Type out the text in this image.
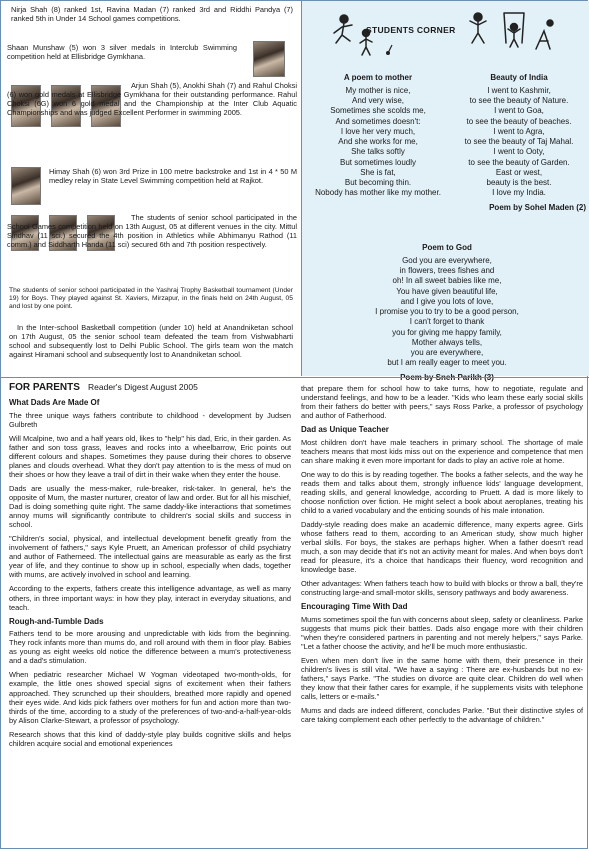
Nirja Shah (8) ranked 1st, Ravina Madan (7) ranked 3rd and Riddhi Pandya (7) ranked 5th in Under 14 School games competitions.

Shaan Munshaw (5) won 3 silver medals in Interclub Swimming competition held at Ellisbridge Gymkhana.

Arjun Shah (5), Anokhi Shah (7) and Rahul Choksi (6) won gold medals at Ellisbridge Gymkhana for their outstanding performance. Rahul Choksi (6G) won 6 gold medal and the Championship at the Inter Club Aquatic Championships and was judged Excellent Performer in swimming 2005.

Himay Shah (6) won 3rd Prize in 100 metre backstroke and 1st in 4 * 50 M medley relay in State Level Swimming competition held at Rajkot.

The students of senior school participated in the School Games competition held on 13th August, 05 at different venues in the city. Mittul Sindhav (11 sci.) secured the 4th position in Athletics while Abhimanyu Rathod (11 comm.) and Siddharth Handa (11 sci) secured 6th and 7th position respectively.

The students of senior school participated in the Yashraj Trophy Basketball tournament (Under 19) for Boys. They played against St. Xaviers, Mirzapur, in the finals held on 24th August, 05 and lost by one point.

In the Inter-school Basketball competition (under 10) held at Anandniketan school on 17th August, 05 the senior school team defeated the team from Vishwabharti school and subsequently lost to Delhi Public School. The girls team won the match against Hiramani school and subsequently lost to Anandniketan school.

STUDENTS CORNER
A poem to mother
My mother is nice,
And very wise,
Sometimes she scolds me,
And sometimes doesn't:
I love her very much,
And she works for me,
She talks softly
But sometimes loudly
She is fat,
But becoming thin.
Nobody has mother like my mother.
Beauty of India
I went to Kashmir,
to see the beauty of Nature.
I went to Goa,
to see the beauty of beaches.
I went to Agra,
to see the beauty of Taj Mahal.
I went to Ooty,
to see the beauty of Garden.
East or west,
beauty is the best.
I love my India.
Poem by Sohel Maden (2)
Poem to God
God you are everywhere,
in flowers, trees fishes and
oh! In all sweet babies like me,
You have given beautiful life,
and I give you lots of love,
I promise you to try to be a good person,
I can't forget to thank
you for giving me happy family,
Mother always tells,
you are everywhere,
but I am really eager to meet you.
Poem by Sneh Parikh (3)
FOR PARENTS Reader's Digest August 2005
What Dads Are Made Of

The three unique ways fathers contribute to childhood - development by Judsen Gulbreth

Will Mcalpine, two and a half years old, likes to "help" his dad, Eric, in their garden. As father and son toss grass, leaves and rocks into a wheelbarrow, Eric points out different colours and shapes. Sometimes they pause during their chores to observe planes and clouds overhead. What they don't pay attention to is the mess of mud on their shoes or how they leave a trail of dirt in their wake when they enter the house.

Dads are usually the mess-maker, rule-breaker, risk-taker. In general, he's the opposite of Mum, the master nurturer, creator of law and order. But for all his mischief, Dad is doing something quite right. The same daddy-like interactions that sometimes annoy mums will significantly contribute to children's social skills and success in school.

"Children's social, physical, and intellectual development benefit greatly from the involvement of fathers," says Kyle Pruett, an American professor of child psychiatry and author of Fatherneed. The intellectual gains are measurable as early as the first year of life, and they continue to show up in school, especially when dads, together with mums, are actively involved in school and learning.

According to the experts, fathers create this intelligence advantage, as well as many others, in three important ways: in how they play, interact in everyday situations, and teach.

Rough-and-Tumble Dads

Fathers tend to be more arousing and unpredictable with kids from the beginning. They rock infants more than mums do, and roll around with them in floor play. Babies as young as eight weeks old notice the difference between a mum's protectiveness and a dad's stimulation.

When pediatric researcher Michael W Yogman videotaped two-month-olds, for example, the little ones showed special signs of excitement when their fathers approached. They scrunched up their shoulders, breathed more rapidly and opened their eyes wide. And kids pick fathers over mothers for fun and action more than two-thirds of the time, according to a study of the preferences of two-and-a-half-year-olds by Alison Clarke-Stewart, a professor of psychology.

Research shows that this kind of daddy-style play builds cognitive skills and helps children acquire social and emotional experiences

that prepare them for school how to take turns, how to negotiate, regulate and understand feelings, and how to be a leader. "Kids who learn these early social skills from their fathers do better with peers," says Ross Parke, a professor of psychology and author of Fatherhood.

Dad as Unique Teacher

Most children don't have male teachers in primary school. The shortage of male teachers means that most kids miss out on the experience and competence that men can share making it even more important for dads to play an active role at home.

One way to do this is by reading together. The books a father selects, and the way he reads them and talks about them, strongly influence kids' language development, reading skills, and general knowledge, according to Pruett. A dad is more likely to choose nonfiction over fiction. He might select a book about aeroplanes, treating his child to a varied vocabulary and the enticing sounds of his male intonation.

Daddy-style reading does make an academic difference, many experts agree. Girls whose fathers read to them, according to an American study, show much higher verbal skills. For boys, the stakes are perhaps higher. When a father doesn't read much, a son may decide that it's not an activity meant for males. And when boys don't read for pleasure, it's a choice that handicaps their fluency, word recognition and knowledge base.

Other advantages: When fathers teach how to build with blocks or throw a ball, they're constructing large-and small-motor skills, sensory pathways and body awareness.

Encouraging Time With Dad

Mums sometimes spoil the fun with concerns about sleep, safety or cleanliness. Parke suggests that mums pick their battles. Dads also engage more with their children "when they're considered partners in parenting and not merely helpers," says Parke. "Let a father choose the activity, and he'll be much more enthusiastic.

Even when men don't live in the same home with them, their presence in their children's lives is still vital. "We have a saying : There are ex-husbands but no ex-fathers," says Parke. "The studies on divorce are quite clear. Children do well when they know that their father cares for example, if he supplements visits with telephone calls, letters or e-mails."

Mums and dads are indeed different, concludes Parke. "But their distinctive styles of care taking complement each other perfectly to the advantage of children."
